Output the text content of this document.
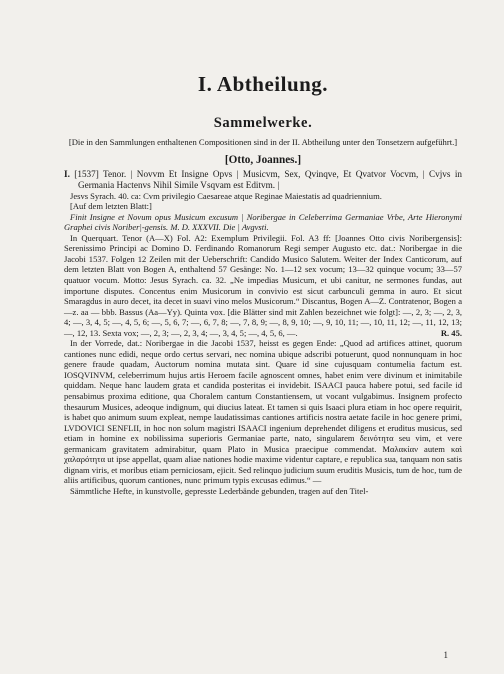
I. Abtheilung.
Sammelwerke.
[Die in den Sammlungen enthaltenen Compositionen sind in der II. Abtheilung unter den Tonsetzern aufgeführt.]
[Otto, Joannes.]

I. [1537] Tenor. | Novvm Et Insigne Opvs | Musicvm, Sex, Qvinqve, Et Qvatvor Vocvm, | Cvjvs in Germania Hactenvs Nihil Simile Vsqvam est Editvm. |

Jesvs Syrach. 40. ca: Cvm privilegio Caesareae atque Reginae Maiestatis ad quadriennium.

[Auf dem letzten Blatt:]

Finit Insigne et Novum opus Musicum excusum | Noribergae in Celeberrima Germaniae Vrbe, Arte Hieronymi Graphei civis Noriber|-gensis. M. D. XXXVII. Die | Avgvsti.

In Querquart. Tenor (A—X) Fol. A2: Exemplum Privilegii. Fol. A3 ff: [Joannes Otto civis Noribergensis]: Serenissimo Principi ac Domino D. Ferdinando Romanorum Regi semper Augusto etc. dat.: Noribergae in die Jacobi 1537. Folgen 12 Zeilen mit der Ueberschrift: Candido Musico Salutem. Weiter der Index Canticorum, auf dem letzten Blatt von Bogen A, enthaltend 57 Gesänge: No. 1—12 sex vocum; 13—32 quinque vocum; 33—57 quatuor vocum. Motto: Jesus Syrach. ca. 32. „Ne impedias Musicum, et ubi canitur, ne sermones fundas, aut importune disputes. Concentus enim Musicorum in convivio est sicut carbunculi gemma in auro. Et sicut Smaragdus in auro decet, ita decet in suavi vino melos Musicorum.“ Discantus, Bogen A—Z. Contratenor, Bogen a—z. aa — bbb. Bassus (Aa—Yy). Quinta vox. [die Blätter sind mit Zahlen bezeichnet wie folgt]: —, 2, 3; —, 2, 3, 4; —, 3, 4, 5; —, 4, 5, 6; —, 5, 6, 7; —, 6, 7, 8; —, 7, 8, 9; —, 8, 9, 10; —, 9, 10, 11; —, 10, 11, 12; —, 11, 12, 13; —, 12, 13. Sexta vox; —, 2, 3; —, 2, 3, 4; —, 3, 4, 5; —, 4, 5, 6, —.	R. 45.

In der Vorrede, dat.: Noribergae in die Jacobi 1537, heisst es gegen Ende: „Quod ad artifices attinet, quorum cantiones nunc edidi, neque ordo certus servari, nec nomina ubique adscribi potuerunt, quod nonnunquam in hoc genere fraude quadam, Auctorum nomina mutata sint. Quare id sine cujusquam contumelia factum est. IOSQVINVM, celeberrimum hujus artis Heroem facile agnoscent omnes, habet enim vere divinum et inimitabile quiddam. Neque hanc laudem grata et candida posteritas ei invidebit. ISAACI pauca habere potui, sed facile id pensabimus proxima editione, qua Choralem cantum Constantiensem, ut vocant vulgabimus. Insignem profecto thesaurum Musices, adeoque indignum, qui diucius lateat. Et tamen si quis Isaaci plura etiam in hoc opere requirit, is habet quo animum suum expleat, nempe laudatissimas cantiones artificis nostra aetate facile in hoc genere primi, LVDOVICI SENFLII, in hoc non solum magistri ISAACI ingenium deprehendet diligens et eruditus musicus, sed etiam in homine ex nobilissima superioris Germaniae parte, nato, singularem δεινότητα seu vim, et vere germanicam gravitatem admirabitur, quam Plato in Musica praecipue commendat. Μαλακίαν autem καὶ χαλαρότητα ut ipse appellat, quam aliae nationes hodie maxime videntur captare, e republica sua, tanquam non satis dignam viris, et moribus etiam perniciosam, ejicit. Sed relinquo judicium suum eruditis Musicis, tum de hoc, tum de aliis artificibus, quorum cantiones, nunc primum typis excusas edimus.“ —

Sämmtliche Hefte, in kunstvolle, gepresste Lederbände gebunden, tragen auf den Titel-

1
